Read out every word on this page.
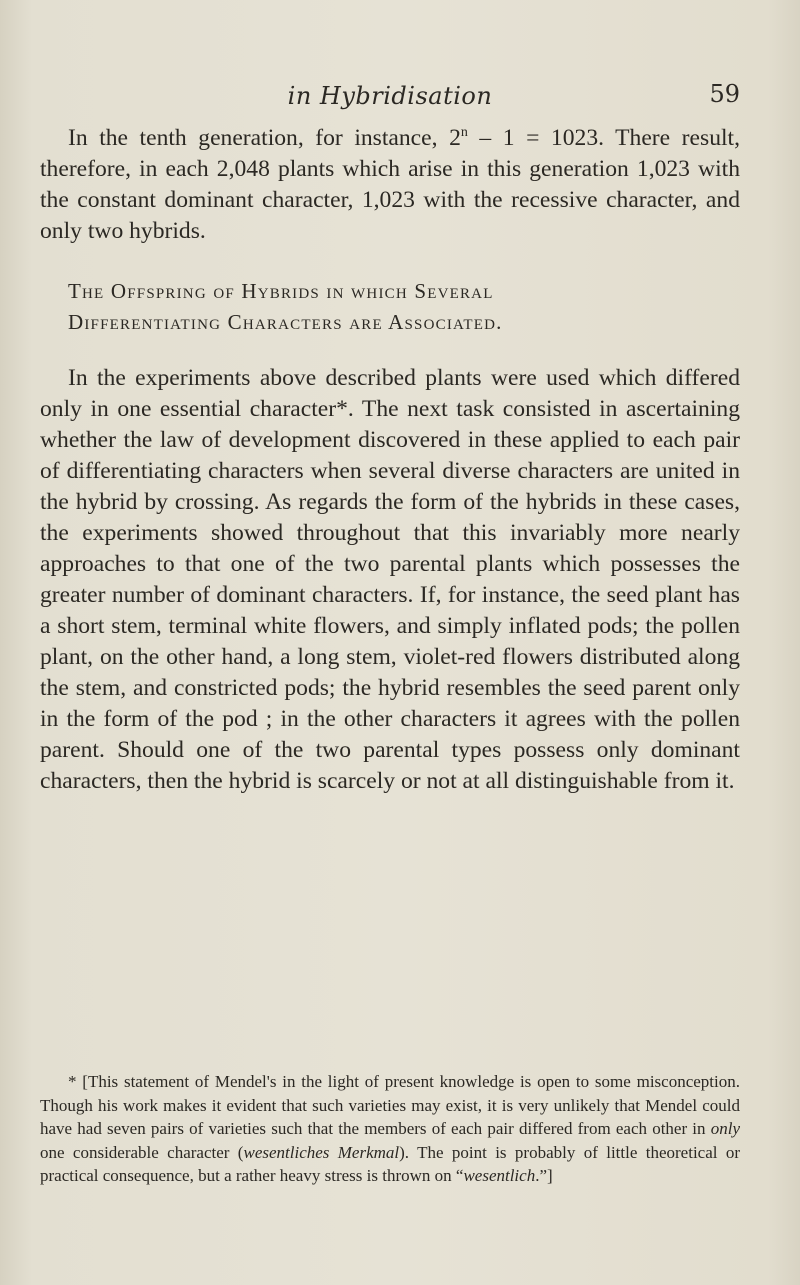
in Hybridisation	59

In the tenth generation, for instance, 2$^n$ – 1 = 1023. There result, therefore, in each 2,048 plants which arise in this generation 1,023 with the constant dominant character, 1,023 with the recessive character, and only two hybrids.

The Offspring of Hybrids in which Several
Differentiating Characters are Associated.

In the experiments above described plants were used which differed only in one essential character*. The next task consisted in ascertaining whether the law of development discovered in these applied to each pair of differentiating characters when several diverse characters are united in the hybrid by crossing. As regards the form of the hybrids in these cases, the experiments showed throughout that this invariably more nearly approaches to that one of the two parental plants which possesses the greater number of dominant characters. If, for instance, the seed plant has a short stem, terminal white flowers, and simply inflated pods; the pollen plant, on the other hand, a long stem, violet-red flowers distributed along the stem, and constricted pods; the hybrid resembles the seed parent only in the form of the pod ; in the other characters it agrees with the pollen parent. Should one of the two parental types possess only dominant characters, then the hybrid is scarcely or not at all distinguishable from it.

* [This statement of Mendel's in the light of present knowledge is open to some misconception. Though his work makes it evident that such varieties may exist, it is very unlikely that Mendel could have had seven pairs of varieties such that the members of each pair differed from each other in only one considerable character (wesentliches Merkmal). The point is probably of little theoretical or practical consequence, but a rather heavy stress is thrown on “wesentlich.”]
